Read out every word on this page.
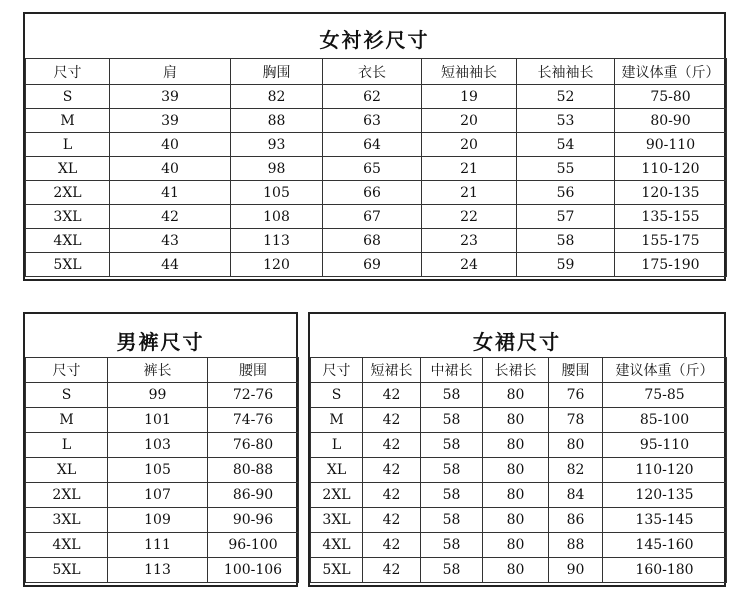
女衬衫尺寸
尺寸	肩	胸围	衣长	短袖袖长	长袖袖长	建议体重（斤）
S	39	82	62	19	52	75-80
M	39	88	63	20	53	80-90
L	40	93	64	20	54	90-110
XL	40	98	65	21	55	110-120
2XL	41	105	66	21	56	120-135
3XL	42	108	67	22	57	135-155
4XL	43	113	68	23	58	155-175
5XL	44	120	69	24	59	175-190
男裤尺寸
尺寸	裤长	腰围
S	99	72-76
M	101	74-76
L	103	76-80
XL	105	80-88
2XL	107	86-90
3XL	109	90-96
4XL	111	96-100
5XL	113	100-106
女裙尺寸
尺寸	短裙长	中裙长	长裙长	腰围	建议体重（斤）
S	42	58	80	76	75-85
M	42	58	80	78	85-100
L	42	58	80	80	95-110
XL	42	58	80	82	110-120
2XL	42	58	80	84	120-135
3XL	42	58	80	86	135-145
4XL	42	58	80	88	145-160
5XL	42	58	80	90	160-180
